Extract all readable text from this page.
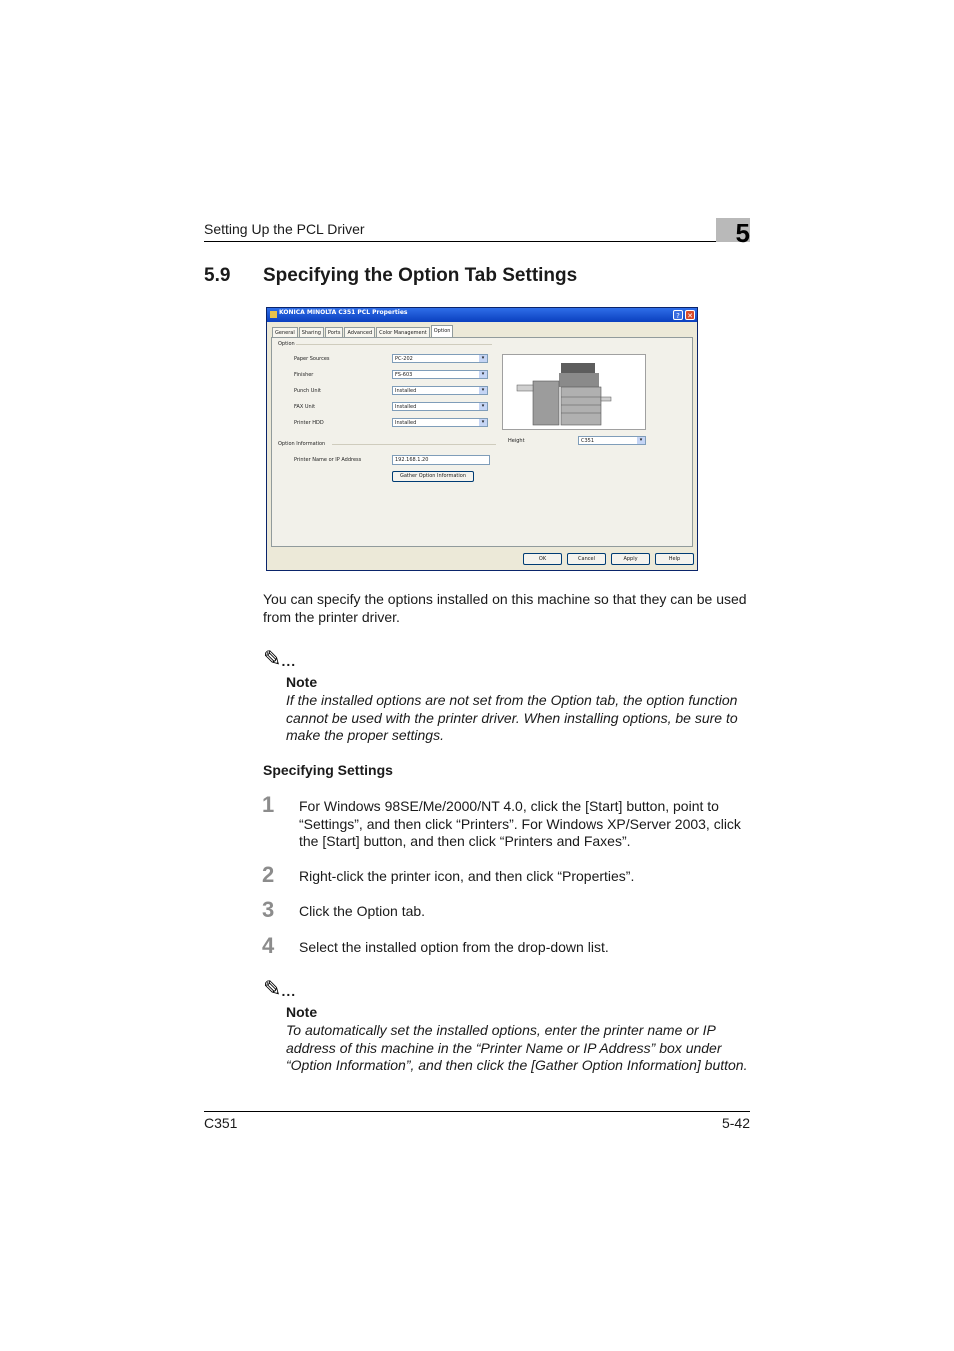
Setting Up the PCL Driver	5
5.9 Specifying the Option Tab Settings
KONICA MINOLTA C351 PCL Properties	?	✕
General	Sharing	Ports	Advanced	Color Management	Option
Option
Paper Sources	PC-202	▾
Finisher	FS-603	▾
Punch Unit	Installed	▾
FAX Unit	Installed	▾
Printer HDD	Installed	▾
Option Information
Printer Name or IP Address	192.168.1.20
Gather Option Information
Height	C351	▾
OK	Cancel	Apply	Help
You can specify the options installed on this machine so that they can be used from the printer driver.
✎...
Note
If the installed options are not set from the Option tab, the option function cannot be used with the printer driver. When installing options, be sure to make the proper settings.
Specifying Settings
1 For Windows 98SE/Me/2000/NT 4.0, click the [Start] button, point to “Settings”, and then click “Printers”. For Windows XP/Server 2003, click the [Start] button, and then click “Printers and Faxes”.
2 Right-click the printer icon, and then click “Properties”.
3 Click the Option tab.
4 Select the installed option from the drop-down list.
✎...
Note
To automatically set the installed options, enter the printer name or IP address of this machine in the “Printer Name or IP Address” box under “Option Information”, and then click the [Gather Option Information] button.
C351	5-42
